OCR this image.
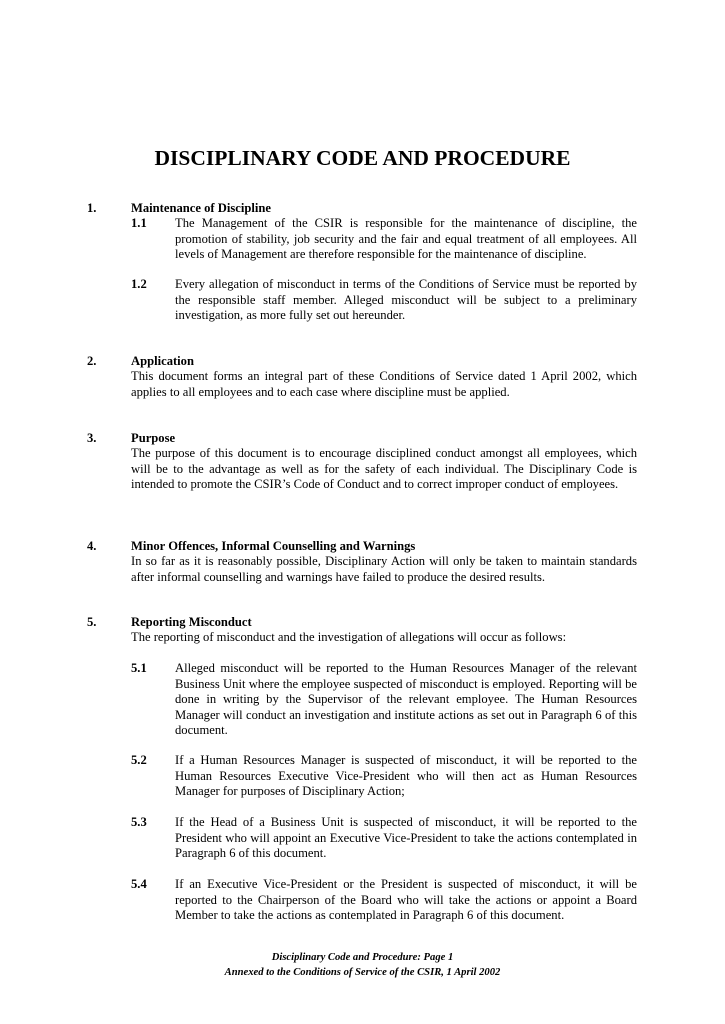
DISCIPLINARY CODE AND PROCEDURE
1.	Maintenance of Discipline
1.1 The Management of the CSIR is responsible for the maintenance of discipline, the promotion of stability, job security and the fair and equal treatment of all employees. All levels of Management are therefore responsible for the maintenance of discipline.
1.2 Every allegation of misconduct in terms of the Conditions of Service must be reported by the responsible staff member. Alleged misconduct will be subject to a preliminary investigation, as more fully set out hereunder.
2.	Application
This document forms an integral part of these Conditions of Service dated 1 April 2002, which applies to all employees and to each case where discipline must be applied.
3.	Purpose
The purpose of this document is to encourage disciplined conduct amongst all employees, which will be to the advantage as well as for the safety of each individual. The Disciplinary Code is intended to promote the CSIR’s Code of Conduct and to correct improper conduct of employees.
4.	Minor Offences, Informal Counselling and Warnings
In so far as it is reasonably possible, Disciplinary Action will only be taken to maintain standards after informal counselling and warnings have failed to produce the desired results.
5.	Reporting Misconduct
The reporting of misconduct and the investigation of allegations will occur as follows:
5.1 Alleged misconduct will be reported to the Human Resources Manager of the relevant Business Unit where the employee suspected of misconduct is employed. Reporting will be done in writing by the Supervisor of the relevant employee. The Human Resources Manager will conduct an investigation and institute actions as set out in Paragraph 6 of this document.
5.2 If a Human Resources Manager is suspected of misconduct, it will be reported to the Human Resources Executive Vice-President who will then act as Human Resources Manager for purposes of Disciplinary Action;
5.3 If the Head of a Business Unit is suspected of misconduct, it will be reported to the President who will appoint an Executive Vice-President to take the actions contemplated in Paragraph 6 of this document.
5.4 If an Executive Vice-President or the President is suspected of misconduct, it will be reported to the Chairperson of the Board who will take the actions or appoint a Board Member to take the actions as contemplated in Paragraph 6 of this document.
Disciplinary Code and Procedure: Page 1
Annexed to the Conditions of Service of the CSIR, 1 April 2002
